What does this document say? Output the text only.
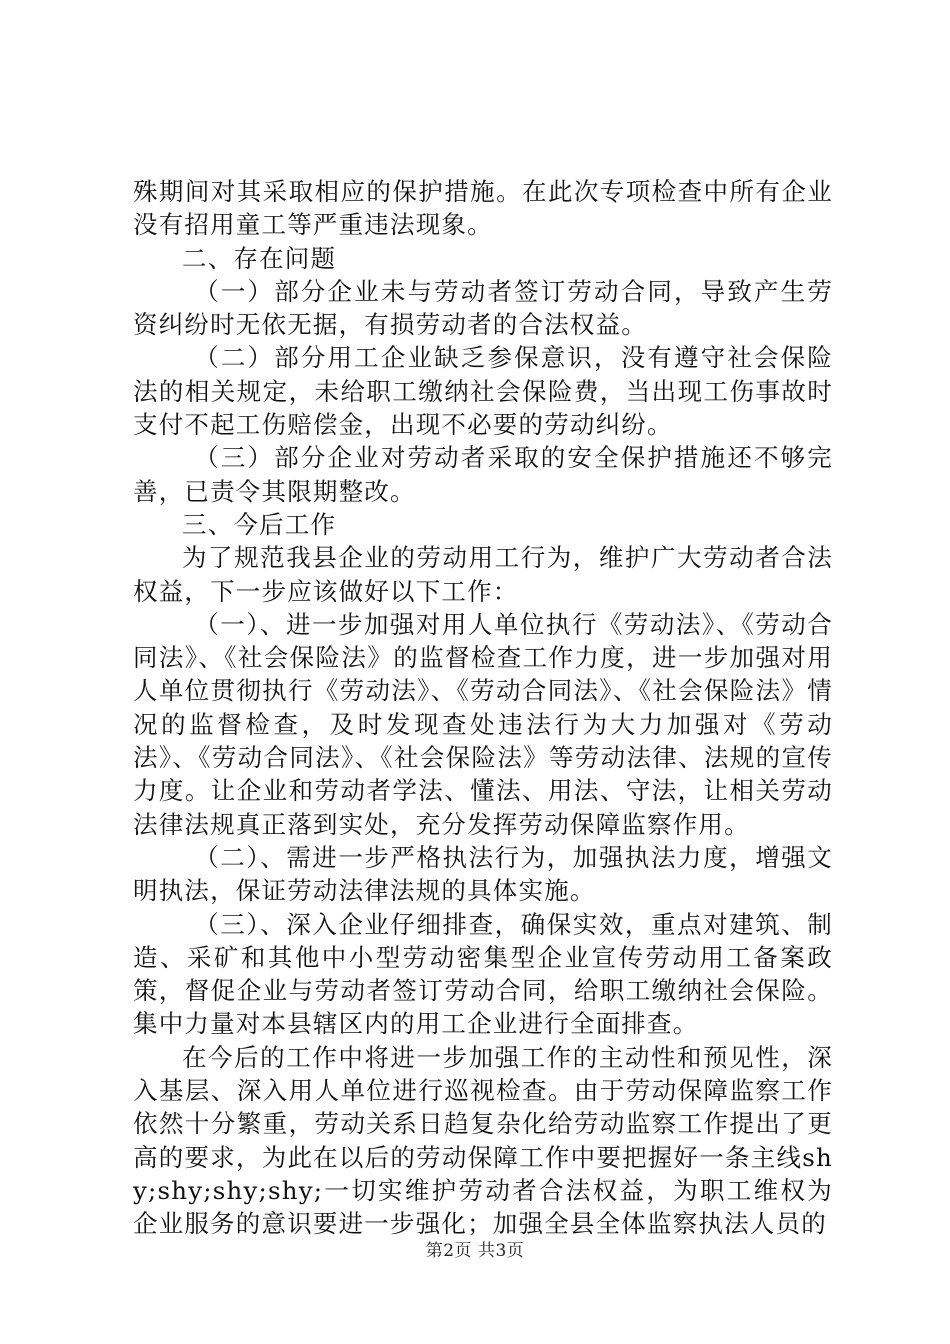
殊期间对其采取相应的保护措施。在此次专项检查中所有企业没有招用童工等严重违法现象。

二、存在问题

（一）部分企业未与劳动者签订劳动合同，导致产生劳资纠纷时无依无据，有损劳动者的合法权益。

（二）部分用工企业缺乏参保意识，没有遵守社会保险法的相关规定，未给职工缴纳社会保险费，当出现工伤事故时支付不起工伤赔偿金，出现不必要的劳动纠纷。

（三）部分企业对劳动者采取的安全保护措施还不够完善，已责令其限期整改。

三、今后工作

为了规范我县企业的劳动用工行为，维护广大劳动者合法权益，下一步应该做好以下工作：

（一）、进一步加强对用人单位执行《劳动法》、《劳动合同法》、《社会保险法》的监督检查工作力度，进一步加强对用人单位贯彻执行《劳动法》、《劳动合同法》、《社会保险法》情况的监督检查，及时发现查处违法行为大力加强对《劳动法》、《劳动合同法》、《社会保险法》等劳动法律、法规的宣传力度。让企业和劳动者学法、懂法、用法、守法，让相关劳动法律法规真正落到实处，充分发挥劳动保障监察作用。

（二）、需进一步严格执法行为，加强执法力度，增强文明执法，保证劳动法律法规的具体实施。

（三）、深入企业仔细排查，确保实效，重点对建筑、制造、采矿和其他中小型劳动密集型企业宣传劳动用工备案政策，督促企业与劳动者签订劳动合同，给职工缴纳社会保险。集中力量对本县辖区内的用工企业进行全面排查。

在今后的工作中将进一步加强工作的主动性和预见性，深入基层、深入用人单位进行巡视检查。由于劳动保障监察工作依然十分繁重，劳动关系日趋复杂化给劳动监察工作提出了更高的要求，为此在以后的劳动保障工作中要把握好一条主线shy;shy;shy;shy;一切实维护劳动者合法权益，为职工维权为企业服务的意识要进一步强化；加强全县全体监察执法人员的

第2页 共3页
